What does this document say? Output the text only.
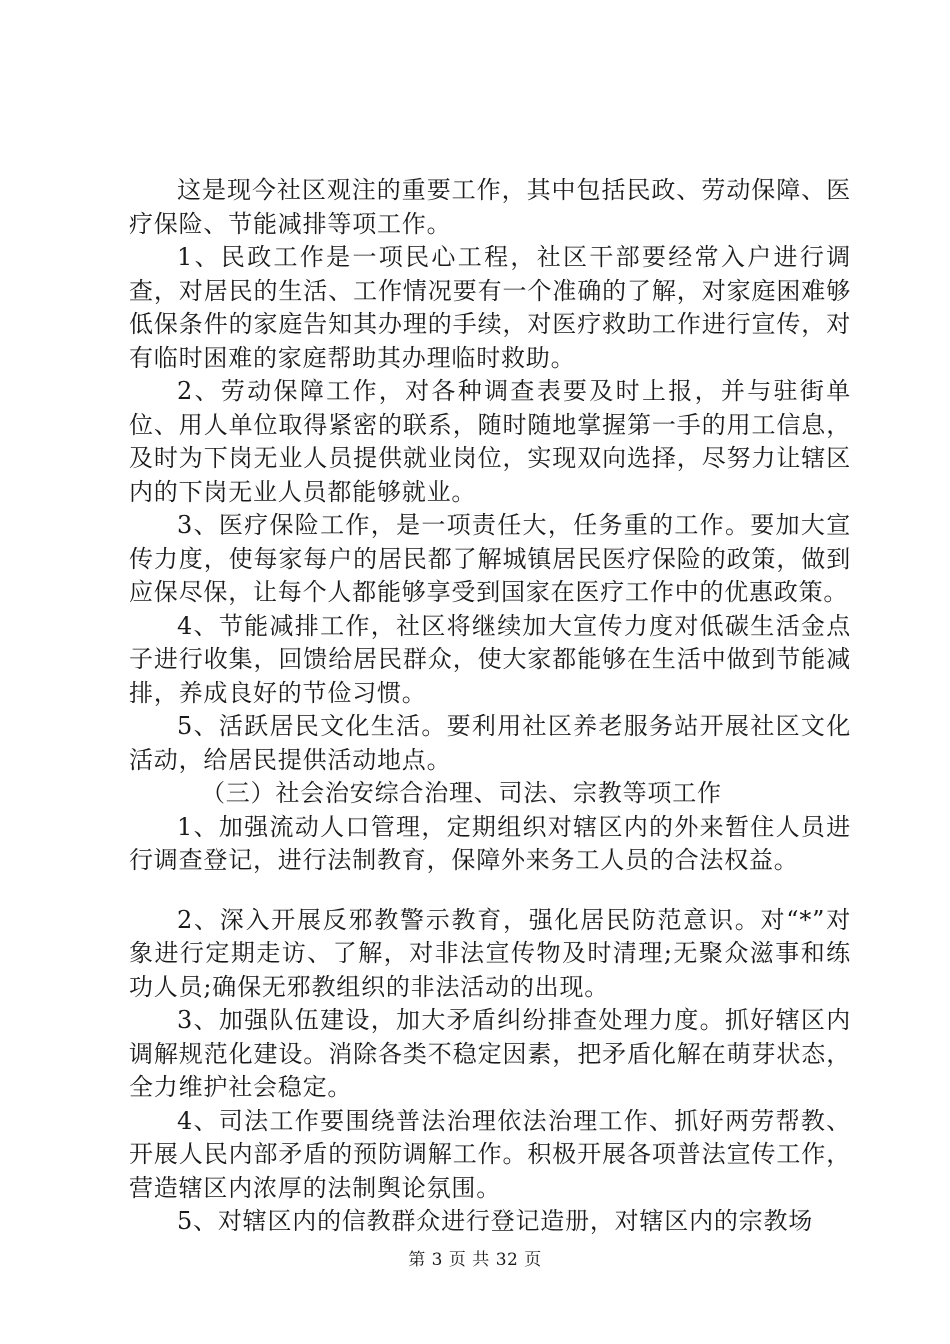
这是现今社区观注的重要工作，其中包括民政、劳动保障、医疗保险、节能减排等项工作。

1、民政工作是一项民心工程，社区干部要经常入户进行调查，对居民的生活、工作情况要有一个准确的了解，对家庭困难够低保条件的家庭告知其办理的手续，对医疗救助工作进行宣传，对有临时困难的家庭帮助其办理临时救助。

2、劳动保障工作，对各种调查表要及时上报，并与驻街单位、用人单位取得紧密的联系，随时随地掌握第一手的用工信息，及时为下岗无业人员提供就业岗位，实现双向选择，尽努力让辖区内的下岗无业人员都能够就业。

3、医疗保险工作，是一项责任大，任务重的工作。要加大宣传力度，使每家每户的居民都了解城镇居民医疗保险的政策，做到应保尽保，让每个人都能够享受到国家在医疗工作中的优惠政策。

4、节能减排工作，社区将继续加大宣传力度对低碳生活金点子进行收集，回馈给居民群众，使大家都能够在生活中做到节能减排，养成良好的节俭习惯。

5、活跃居民文化生活。要利用社区养老服务站开展社区文化活动，给居民提供活动地点。

（三）社会治安综合治理、司法、宗教等项工作

1、加强流动人口管理，定期组织对辖区内的外来暂住人员进行调查登记，进行法制教育，保障外来务工人员的合法权益。

2、深入开展反邪教警示教育，强化居民防范意识。对“*”对象进行定期走访、了解，对非法宣传物及时清理;无聚众滋事和练功人员;确保无邪教组织的非法活动的出现。

3、加强队伍建设，加大矛盾纠纷排查处理力度。抓好辖区内调解规范化建设。消除各类不稳定因素，把矛盾化解在萌芽状态，全力维护社会稳定。

4、司法工作要围绕普法治理依法治理工作、抓好两劳帮教、开展人民内部矛盾的预防调解工作。积极开展各项普法宣传工作，营造辖区内浓厚的法制舆论氛围。

5、对辖区内的信教群众进行登记造册，对辖区内的宗教场

第 3 页 共 32 页
